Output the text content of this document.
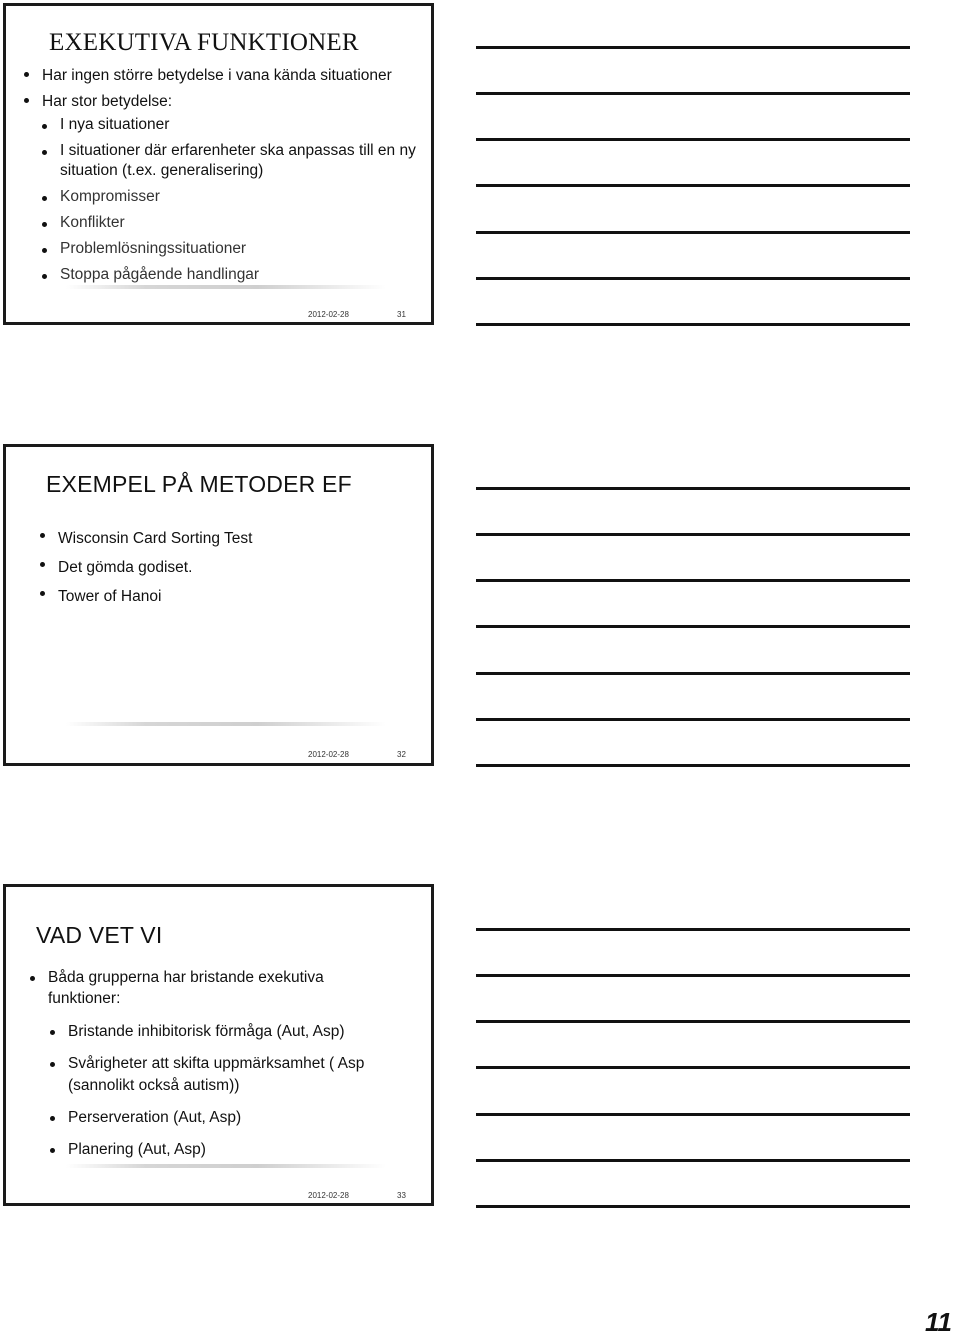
EXEKUTIVA FUNKTIONER
Har ingen större betydelse i vana kända situationer
Har stor betydelse:
I nya situationer
I situationer där erfarenheter ska anpassas till en ny situation (t.ex. generalisering)
Kompromisser
Konflikter
Problemlösningssituationer
Stoppa pågående handlingar
2012-02-28	31
EXEMPEL PÅ METODER EF
Wisconsin Card Sorting Test
Det gömda godiset.
Tower of Hanoi
2012-02-28	32
VAD VET VI
Båda grupperna har bristande exekutiva funktioner:
Bristande inhibitorisk förmåga (Aut, Asp)
Svårigheter att skifta uppmärksamhet ( Asp (sannolikt också autism))
Perserveration (Aut, Asp)
Planering (Aut, Asp)
2012-02-28	33
11
